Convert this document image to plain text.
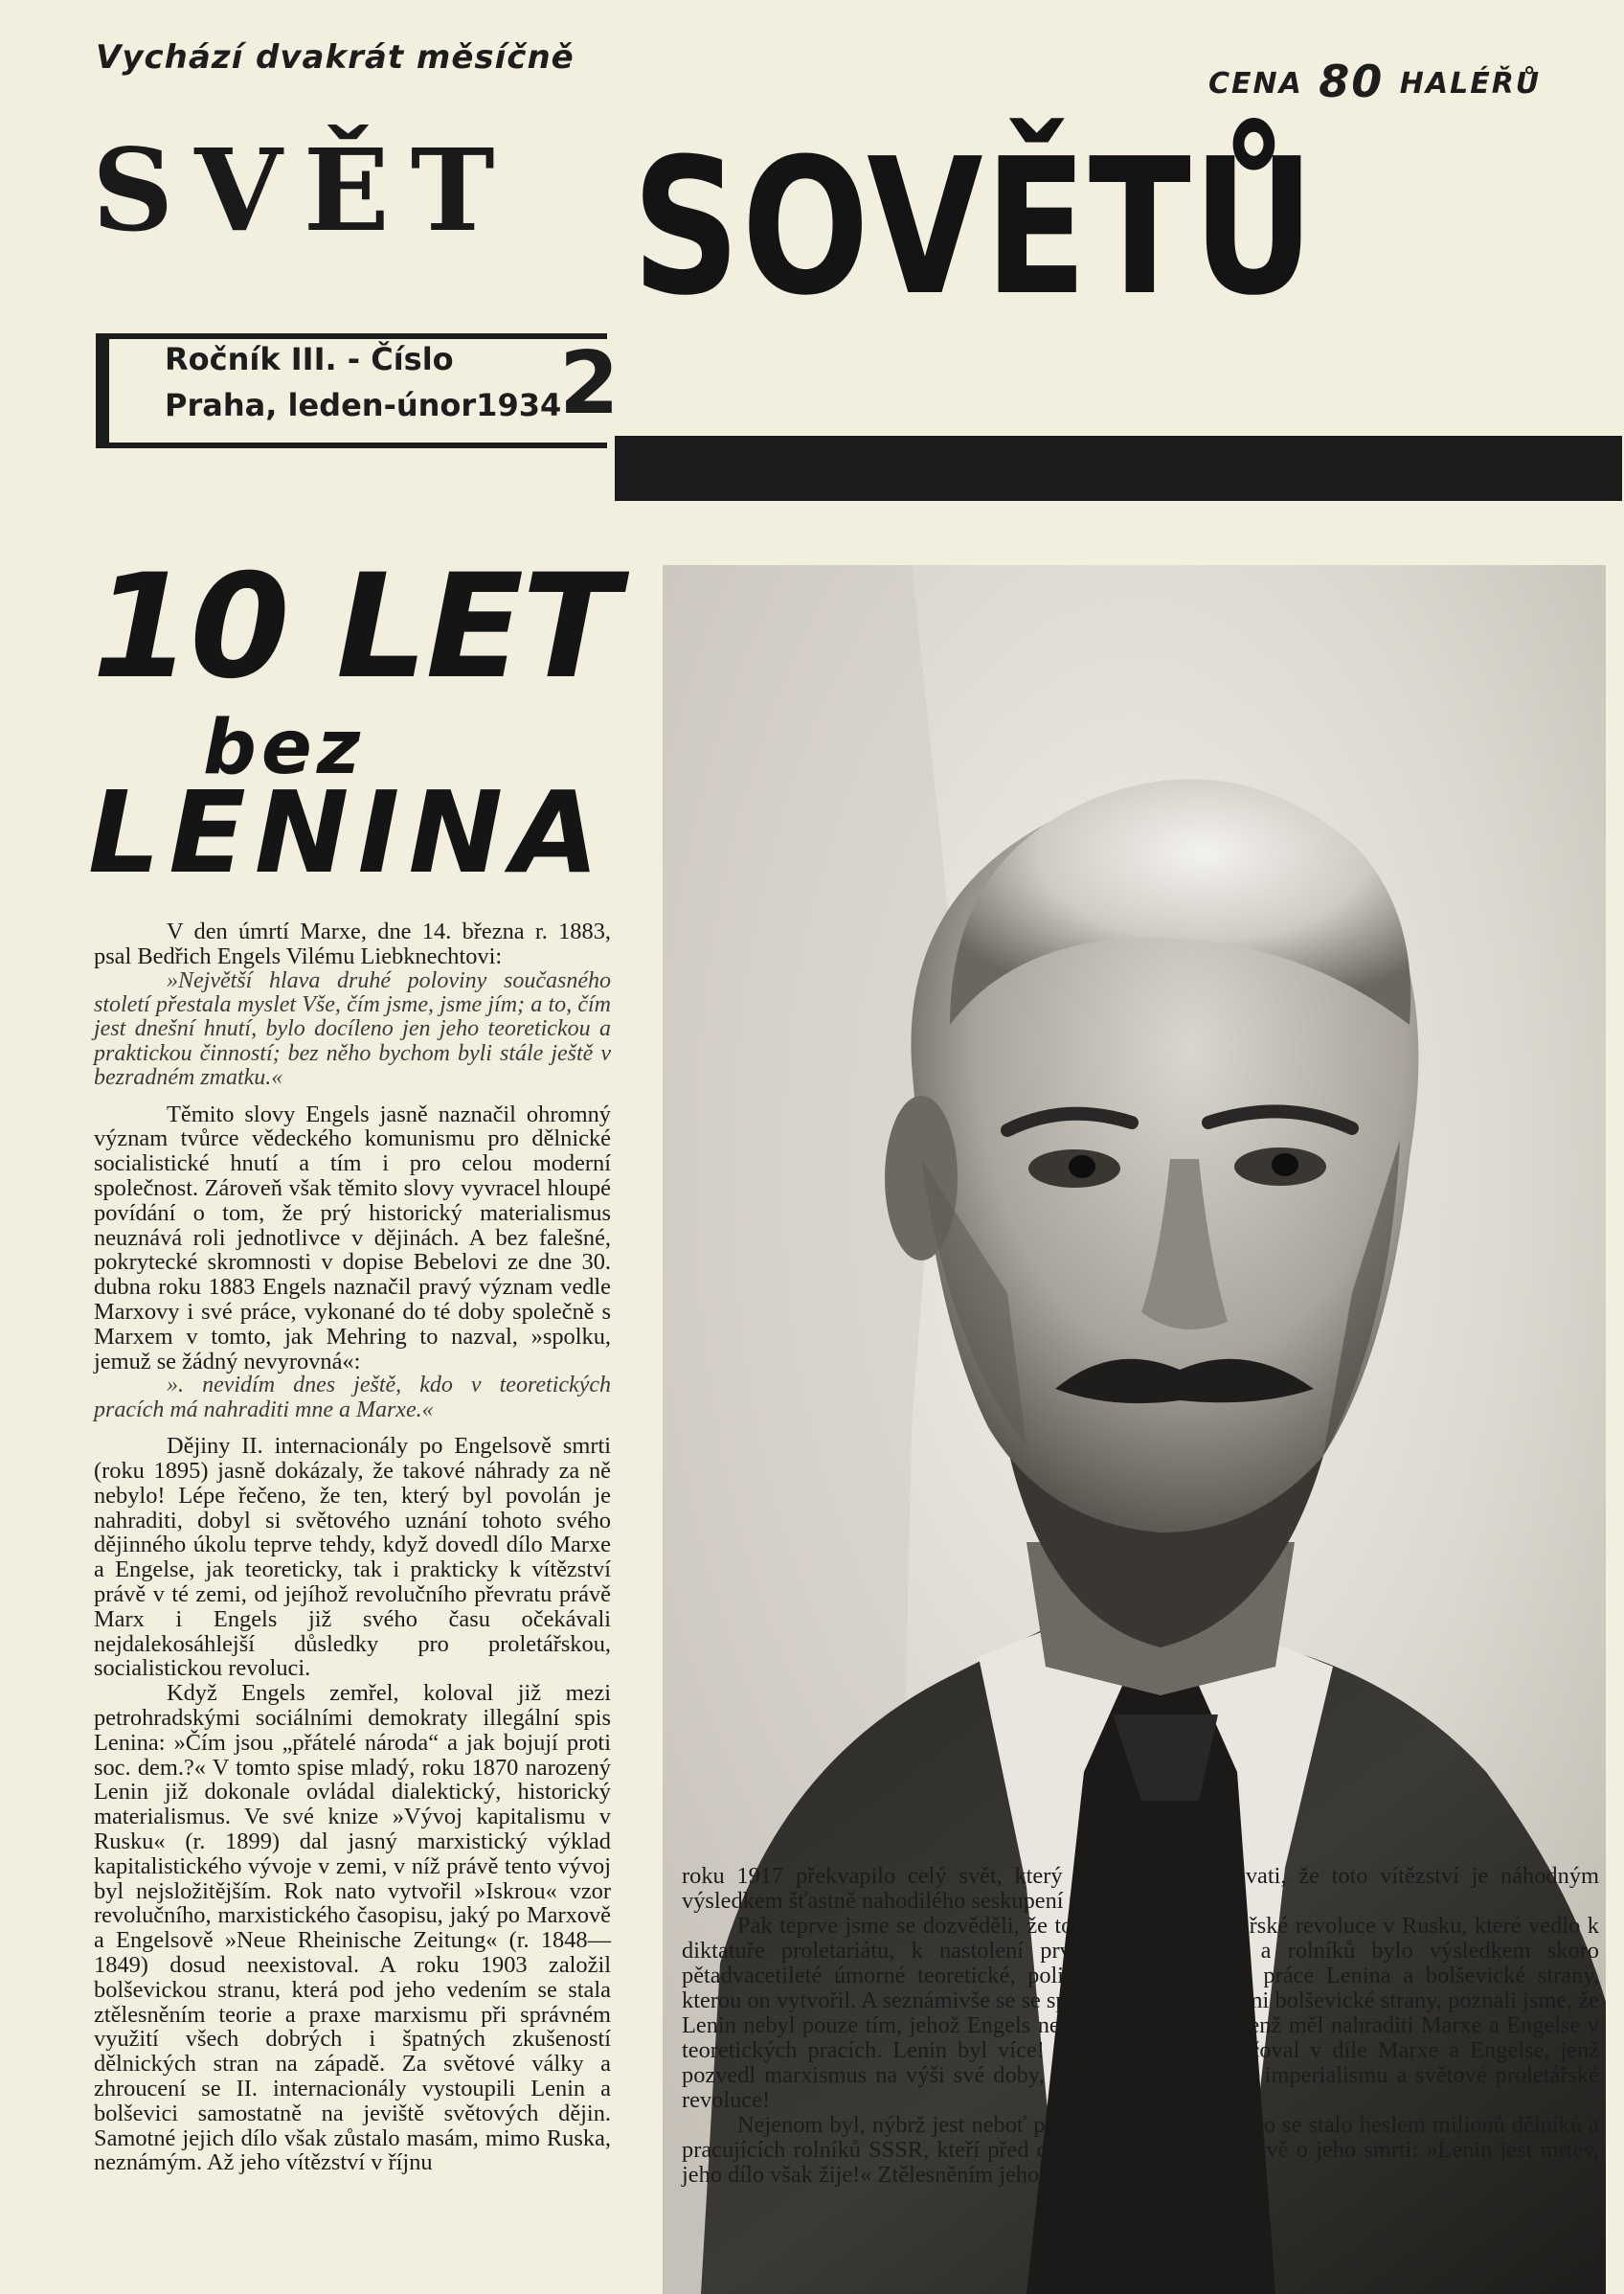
Vychází dvakrát měsíčně
CENA 80 HALÉŘŮ
SVĚT SOVĚTŮ
Ročník III. - Číslo
Praha, leden-únor1934
2
10 LET
bez
LENINA

V den úmrtí Marxe, dne 14. března r. 1883, psal Bedřich Engels Vilému Liebknechtovi:

»Největší hlava druhé poloviny současného století přestala myslet Vše, čím jsme, jsme jím; a to, čím jest dnešní hnutí, bylo docíleno jen jeho teoretickou a praktickou činností; bez něho bychom byli stále ještě v bezradném zmatku.«

Těmito slovy Engels jasně naznačil ohromný význam tvůrce vědeckého komunismu pro dělnické socialistické hnutí a tím i pro celou moderní společnost. Zároveň však těmito slovy vyvracel hloupé povídání o tom, že prý historický materialismus neuznává roli jednotlivce v dějinách. A bez falešné, pokrytecké skromnosti v dopise Bebelovi ze dne 30. dubna roku 1883 Engels naznačil pravý význam vedle Marxovy i své práce, vykonané do té doby společně s Marxem v tomto, jak Mehring to nazval, »spolku, jemuž se žádný nevyrovná«:

». nevidím dnes ještě, kdo v teoretických pracích má nahraditi mne a Marxe.«

Dějiny II. internacionály po Engelsově smrti (roku 1895) jasně dokázaly, že takové náhrady za ně nebylo! Lépe řečeno, že ten, který byl povolán je nahraditi, dobyl si světového uznání tohoto svého dějinného úkolu teprve tehdy, když dovedl dílo Marxe a Engelse, jak teoreticky, tak i prakticky k vítězství právě v té zemi, od jejíhož revolučního převratu právě Marx i Engels již svého času očekávali nejdalekosáhlejší důsledky pro proletářskou, socialistickou revoluci.

Když Engels zemřel, koloval již mezi petrohradskými sociálními demokraty illegální spis Lenina: »Čím jsou „přátelé národa“ a jak bojují proti soc. dem.?« V tomto spise mladý, roku 1870 narozený Lenin již dokonale ovládal dialektický, historický materialismus. Ve své knize »Vývoj kapitalismu v Rusku« (r. 1899) dal jasný marxistický výklad kapitalistického vývoje v zemi, v níž právě tento vývoj byl nejsložitějším. Rok nato vytvořil »Iskrou« vzor revolučního, marxistického časopisu, jaký po Marxově a Engelsově »Neue Rheinische Zeitung« (r. 1848—1849) dosud neexistoval. A roku 1903 založil bolševickou stranu, která pod jeho vedením se stala ztělesněním teorie a praxe marxismu při správném využití všech dobrých i špatných zkušeností dělnických stran na západě. Za světové války a zhroucení se II. internacionály vystoupili Lenin a bolševici samostatně na jeviště světových dějin. Samotné jejich dílo však zůstalo masám, mimo Ruska, neznámým. Až jeho vítězství v říjnu

roku 1917 překvapilo celý svět, který si nechal namlouvati, že toto vítězství je náhodným výsledkem šťastně nahodilého seskupení událostí atd.

Pak teprve jsme se dozvěděli, že toto vítězství proletářské revoluce v Rusku, které vedlo k diktatuře proletariátu, k nastolení první vlády dělníků a rolníků bylo výsledkem skoro pětadvacetileté úmorné teoretické, politické a organisační práce Lenina a bolševické strany, kterou on vytvořil. A seznámivše se se spisy Lenina a dějinami bolševické strany, poznali jsme, že Lenin nebyl pouze tím, jehož Engels nemohl ještě viděti a jenž měl nahraditi Marxe a Engelse v teoretických pracích. Lenin byl více! Byl tím, jenž pokračoval v díle Marxe a Engelse, jenž pozvedl marxismus na výši své doby, doby kapitalistického imperialismu a světové proletářské revoluce!

Nejenom byl, nýbrž jest neboť pravdou se ukázalo to, co se stalo heslem milionů dělníků a pracujících rolníků SSSR, kteří před deseti lety zasli při zprávě o jeho smrti: »Lenin jest mrtev, jeho dílo však žije!« Ztělesněním jeho díla, leninismu
